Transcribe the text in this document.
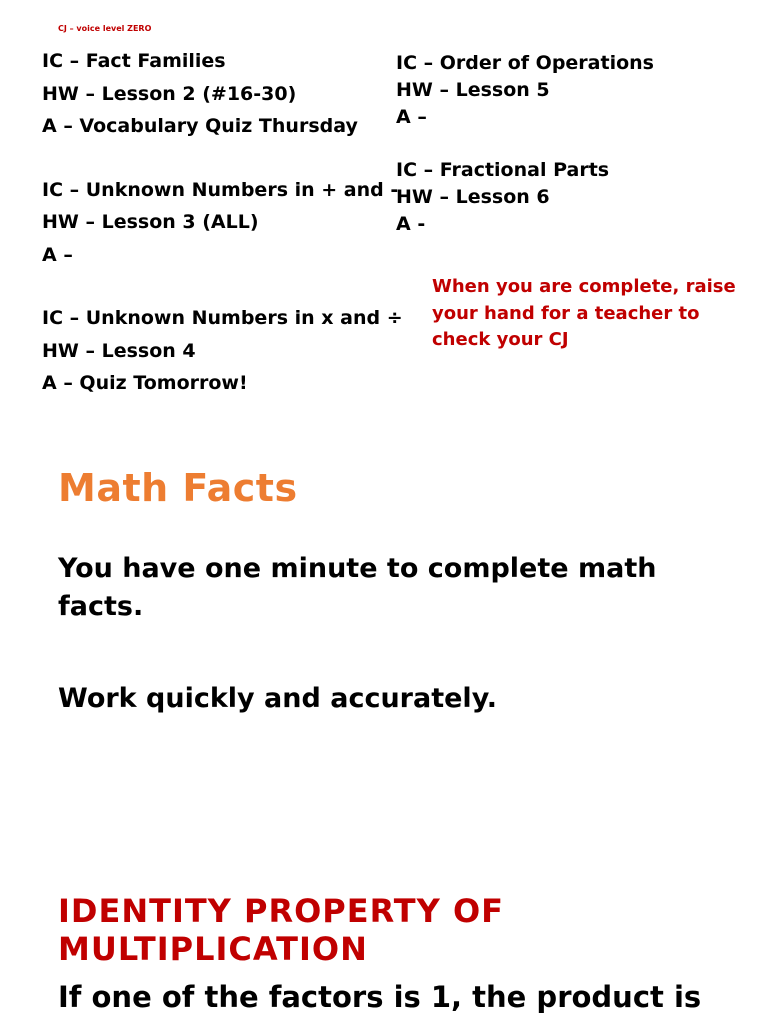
CJ – voice level ZERO
IC – Fact Families
HW – Lesson 2 (#16-30)
A – Vocabulary Quiz Thursday
IC – Unknown Numbers in + and -
HW – Lesson 3 (ALL)
A –
IC – Unknown Numbers in x and ÷
HW – Lesson 4
A – Quiz Tomorrow!
IC – Order of Operations
HW – Lesson 5
A –
IC – Fractional Parts
HW – Lesson 6
A -
When you are complete, raise your hand for a teacher to check your CJ
Math Facts

You have one minute to complete math facts.

Work quickly and accurately.

IDENTITY PROPERTY OF MULTIPLICATION

If one of the factors is 1, the product is
